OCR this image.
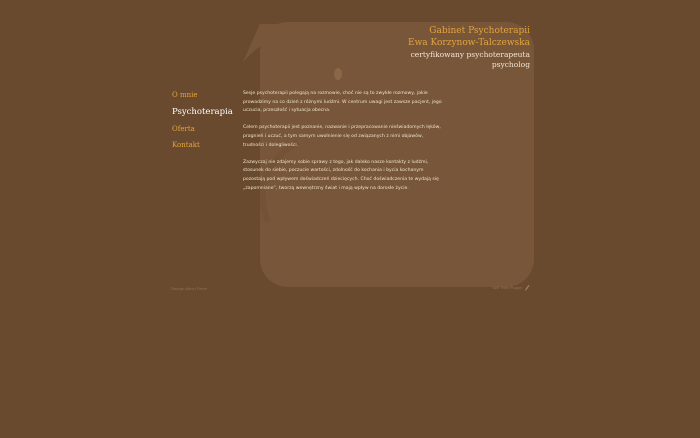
Gabinet Psychoterapii
Ewa Korzynow-Talczewska
certyfikowany psychoterapeuta
psycholog
O mnie
Psychoterapia
Oferta
Kontakt

Sesje psychoterapii polegają na rozmowie, choć nie są to zwykłe rozmowy, jakie prowadzimy na co dzień z różnymi ludźmi. W centrum uwagi jest zawsze pacjent, jego uczucia, przeszłość i sytuacja obecna.

Celem psychoterapii jest poznanie, nazwanie i przepracowanie nieświadomych lęków, pragnień i uczuć, a tym samym uwolnienie się od związanych z nimi objawów, trudności i dolegliwości.

Zazwyczaj nie zdajemy sobie sprawy z tego, jak daleko nasze kontakty z ludźmi, stosunek do siebie, poczucie wartości, zdolność do kochania i bycia kochanym pozostają pod wpływem doświadczeń dziecięcych. Choć doświadczenia te wydają się „zapomniane”, tworzą wewnętrzny świat i mają wpływ na dorosłe życie.

Design Kerin Finen	Sell Free Plugin
